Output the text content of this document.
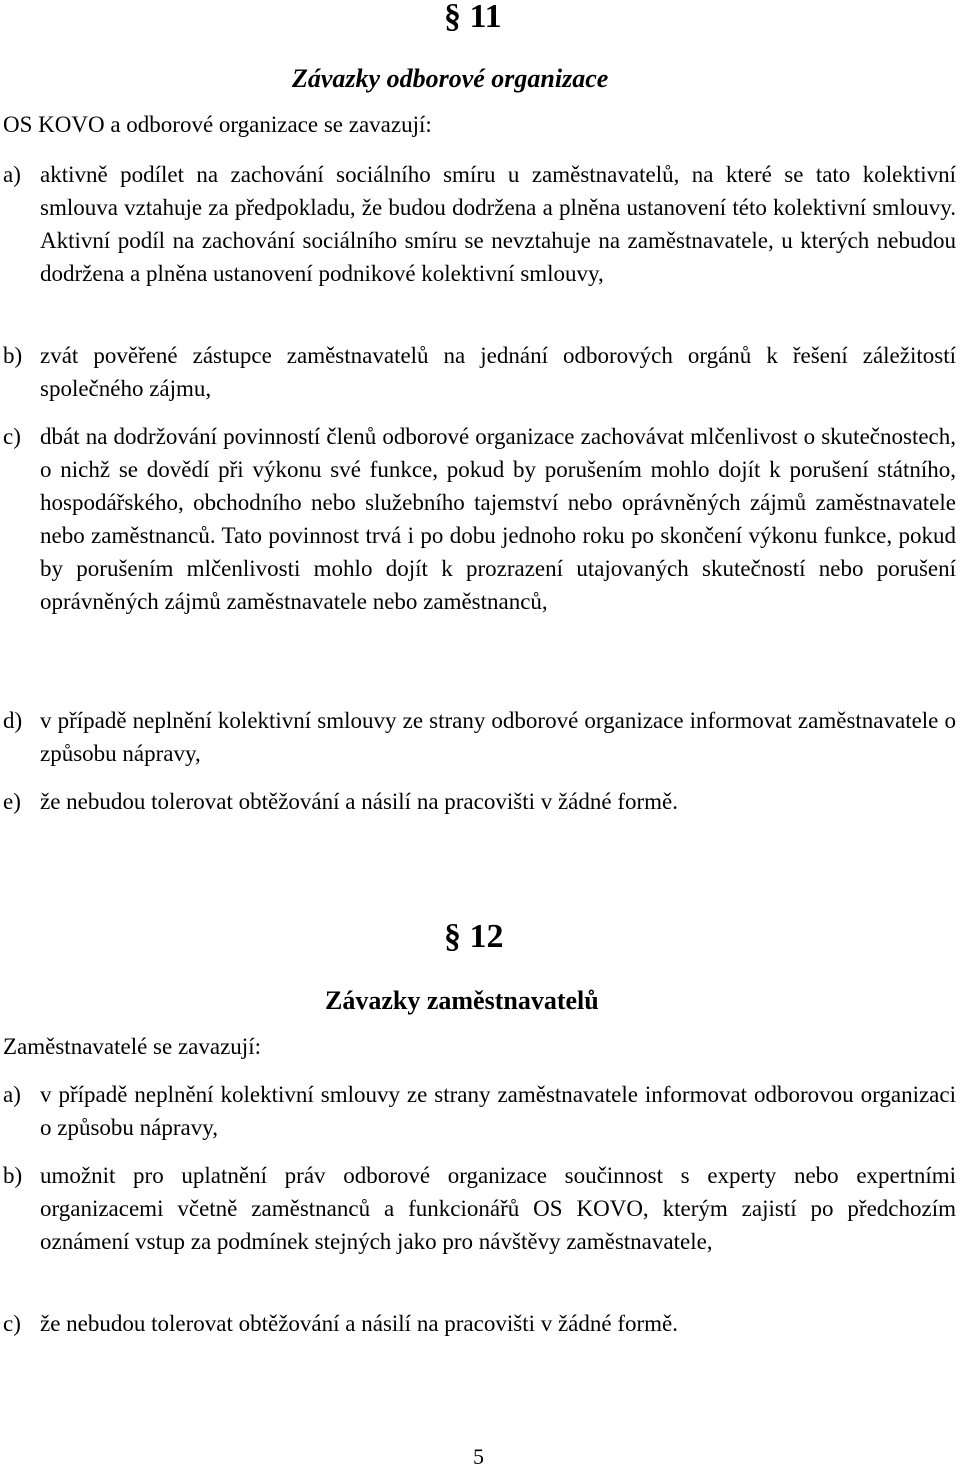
§ 11
Závazky odborové organizace
OS KOVO a odborové organizace se zavazují:
a) aktivně podílet na zachování sociálního smíru u zaměstnavatelů, na které se tato kolektivní smlouva vztahuje za předpokladu, že budou dodržena a plněna ustanovení této kolektivní smlouvy. Aktivní podíl na zachování sociálního smíru se nevztahuje na zaměstnavatele, u kterých nebudou dodržena a plněna ustanovení podnikové kolektivní smlouvy,
b) zvát pověřené zástupce zaměstnavatelů na jednání odborových orgánů k řešení záležitostí společného zájmu,
c) dbát na dodržování povinností členů odborové organizace zachovávat mlčenlivost o skutečnostech, o nichž se dovědí při výkonu své funkce, pokud by porušením mohlo dojít k porušení státního, hospodářského, obchodního nebo služebního tajemství nebo oprávněných zájmů zaměstnavatele nebo zaměstnanců. Tato povinnost trvá i po dobu jednoho roku po skončení výkonu funkce, pokud by porušením mlčenlivosti mohlo dojít k prozrazení utajovaných skutečností nebo porušení oprávněných zájmů zaměstnavatele nebo zaměstnanců,
d) v případě neplnění kolektivní smlouvy ze strany odborové organizace informovat zaměstnavatele o způsobu nápravy,
e) že nebudou tolerovat obtěžování a násilí na pracovišti v žádné formě.
§ 12
Závazky zaměstnavatelů
Zaměstnavatelé se zavazují:
a) v případě neplnění kolektivní smlouvy ze strany zaměstnavatele informovat odborovou organizaci o způsobu nápravy,
b) umožnit pro uplatnění práv odborové organizace součinnost s experty nebo expertními organizacemi včetně zaměstnanců a funkcionářů OS KOVO, kterým zajistí po předchozím oznámení vstup za podmínek stejných jako pro návštěvy zaměstnavatele,
c) že nebudou tolerovat obtěžování a násilí na pracovišti v žádné formě.
5
